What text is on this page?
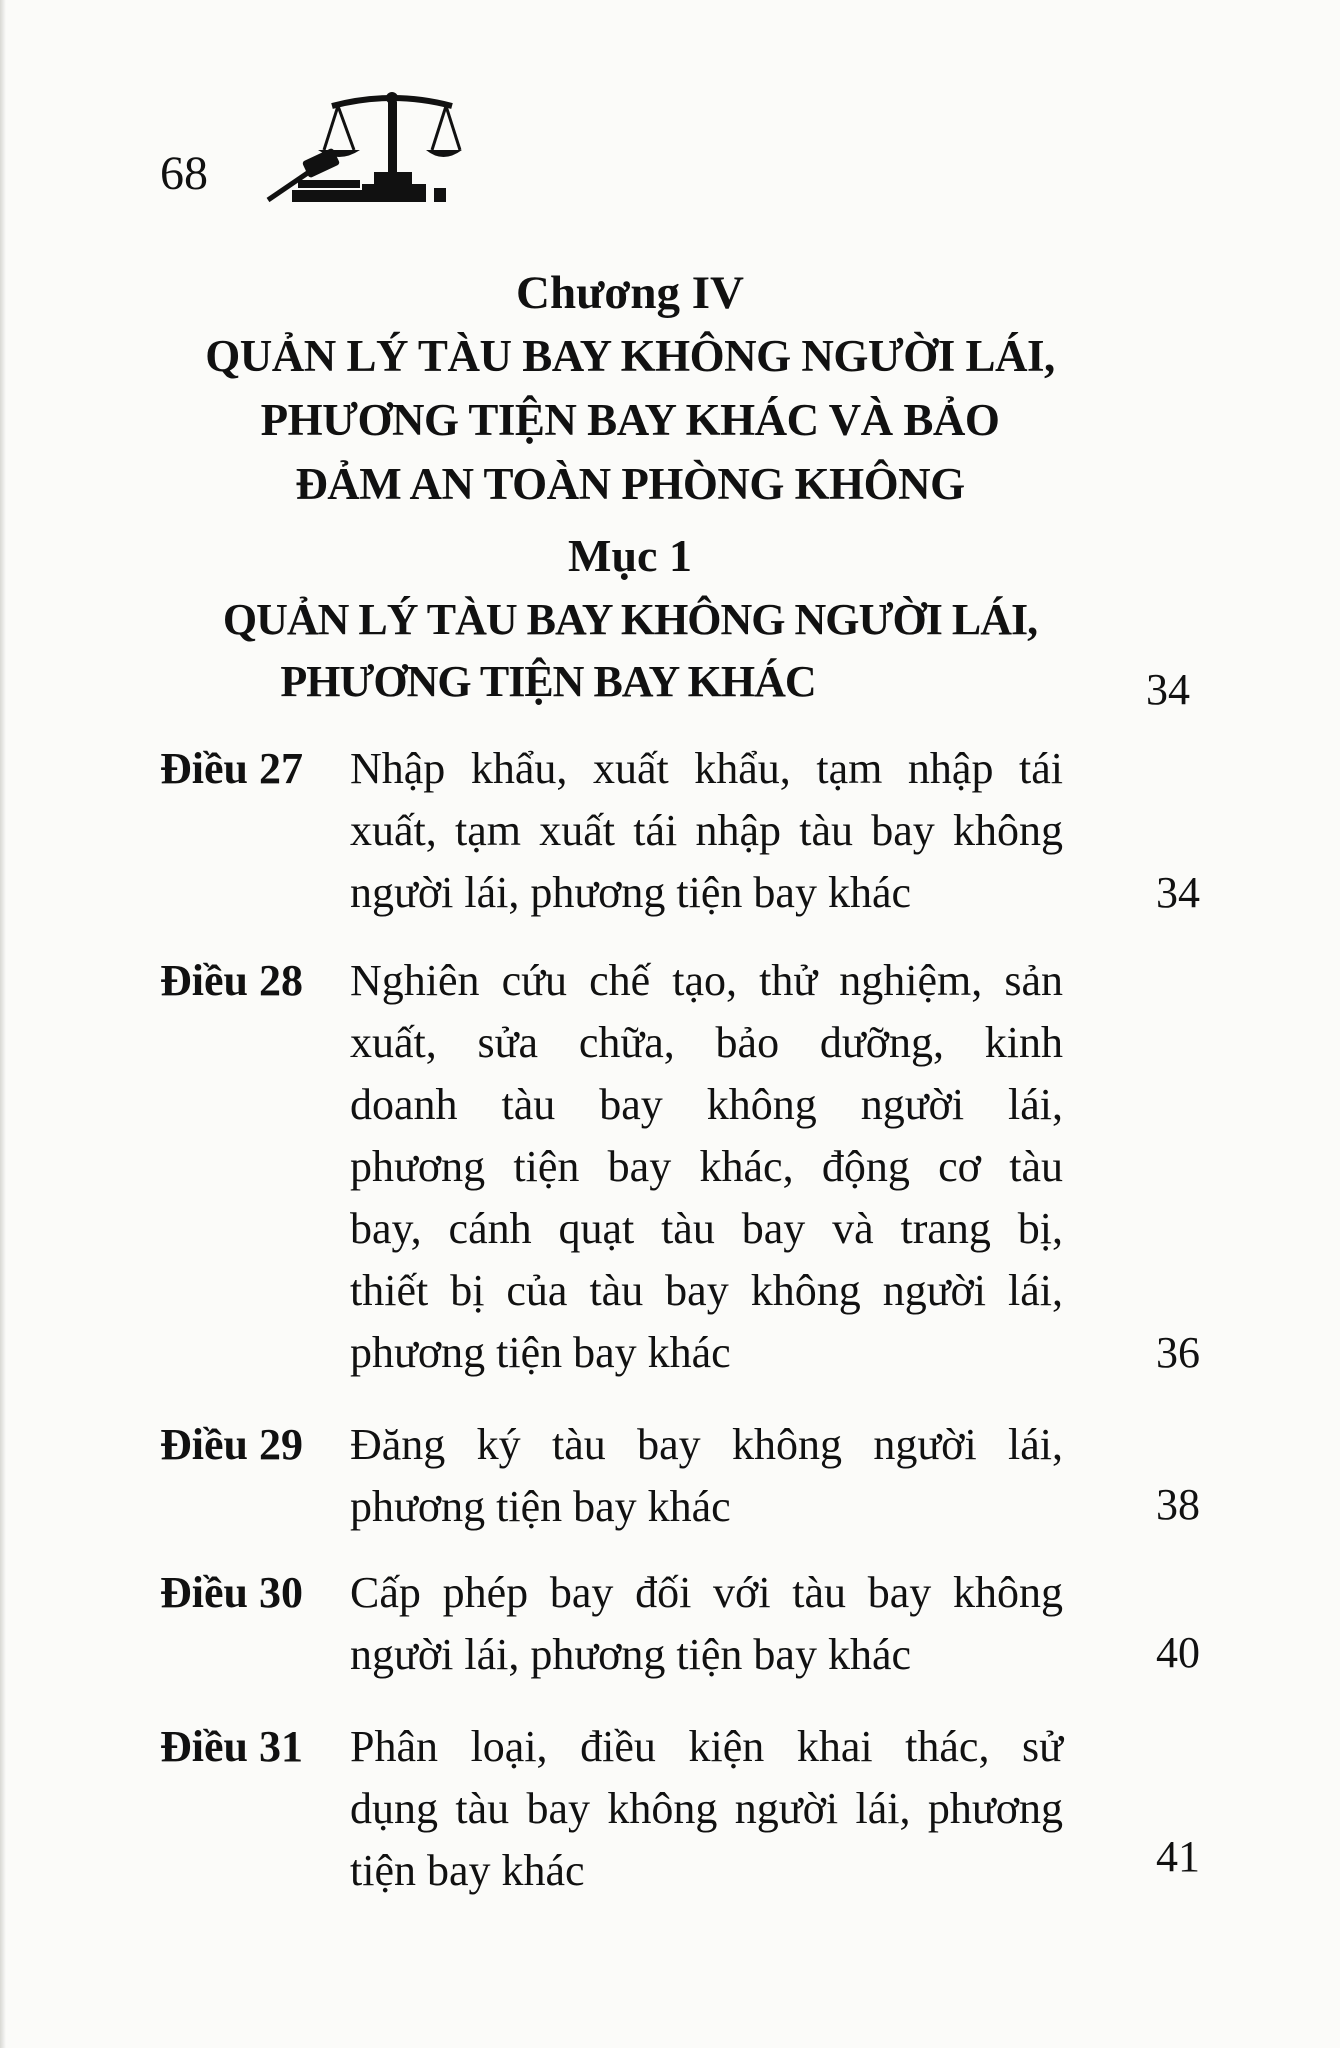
68
Chương IV
QUẢN LÝ TÀU BAY KHÔNG NGƯỜI LÁI,
PHƯƠNG TIỆN BAY KHÁC VÀ BẢO
ĐẢM AN TOÀN PHÒNG KHÔNG
Mục 1
QUẢN LÝ TÀU BAY KHÔNG NGƯỜI LÁI,
PHƯƠNG TIỆN BAY KHÁC	34
Điều 27 Nhập khẩu, xuất khẩu, tạm nhập tái
xuất, tạm xuất tái nhập tàu bay không
người lái, phương tiện bay khác	34
Điều 28 Nghiên cứu chế tạo, thử nghiệm, sản
xuất, sửa chữa, bảo dưỡng, kinh
doanh tàu bay không người lái,
phương tiện bay khác, động cơ tàu
bay, cánh quạt tàu bay và trang bị,
thiết bị của tàu bay không người lái,
phương tiện bay khác	36
Điều 29 Đăng ký tàu bay không người lái,
phương tiện bay khác	38
Điều 30 Cấp phép bay đối với tàu bay không
người lái, phương tiện bay khác	40
Điều 31 Phân loại, điều kiện khai thác, sử
dụng tàu bay không người lái, phương
tiện bay khác	41
